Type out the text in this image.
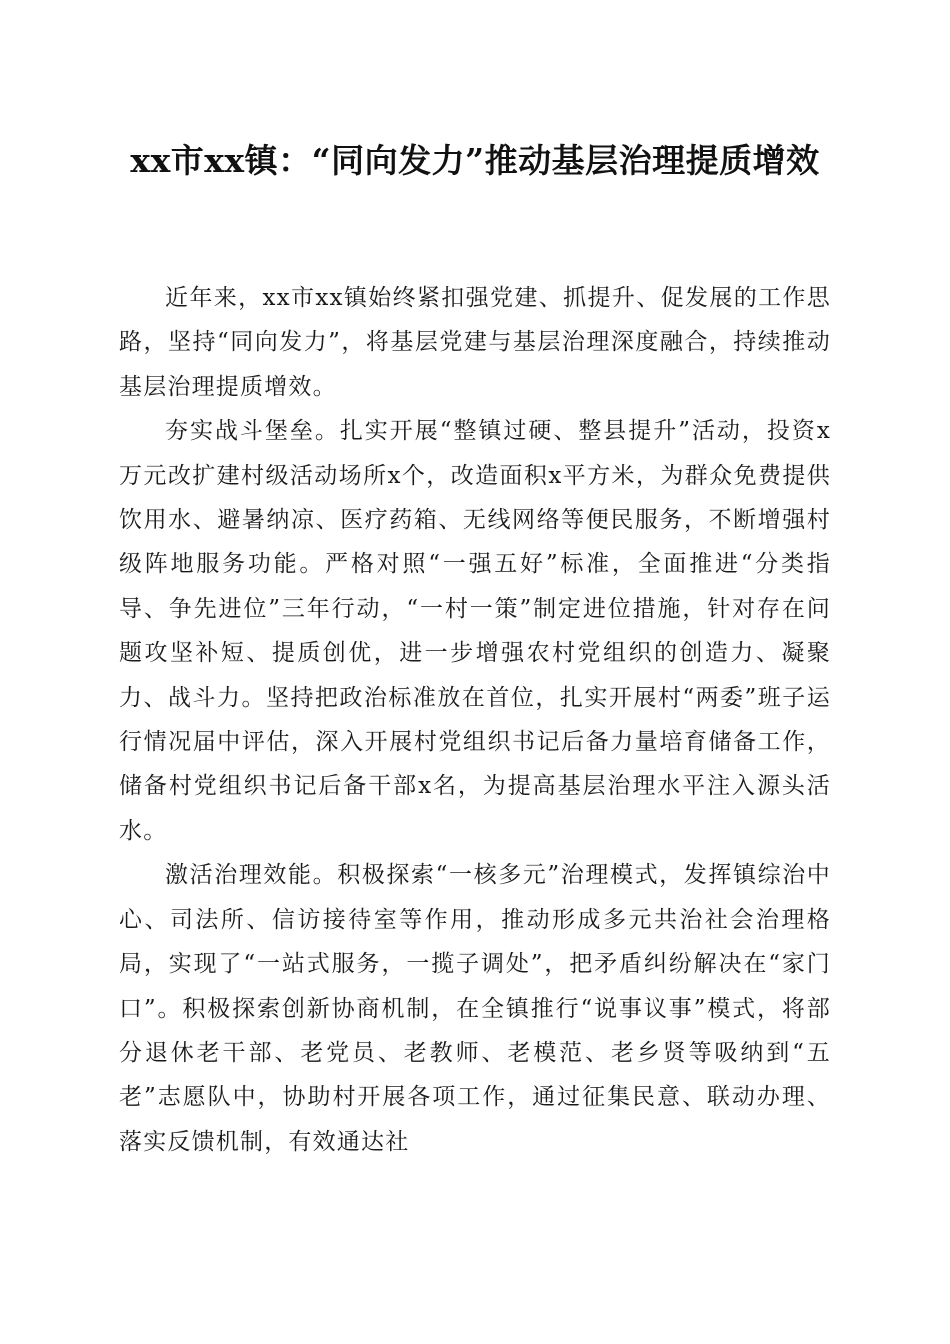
xx市xx镇：“同向发力”推动基层治理提质增效

近年来，xx市xx镇始终紧扣强党建、抓提升、促发展的工作思路，坚持“同向发力”，将基层党建与基层治理深度融合，持续推动基层治理提质增效。

夯实战斗堡垒。扎实开展“整镇过硬、整县提升”活动，投资x万元改扩建村级活动场所x个，改造面积x平方米，为群众免费提供饮用水、避暑纳凉、医疗药箱、无线网络等便民服务，不断增强村级阵地服务功能。严格对照“一强五好”标准，全面推进“分类指导、争先进位”三年行动，“一村一策”制定进位措施，针对存在问题攻坚补短、提质创优，进一步增强农村党组织的创造力、凝聚力、战斗力。坚持把政治标准放在首位，扎实开展村“两委”班子运行情况届中评估，深入开展村党组织书记后备力量培育储备工作，储备村党组织书记后备干部x名，为提高基层治理水平注入源头活水。

激活治理效能。积极探索“一核多元”治理模式，发挥镇综治中心、司法所、信访接待室等作用，推动形成多元共治社会治理格局，实现了“一站式服务，一揽子调处”，把矛盾纠纷解决在“家门口”。积极探索创新协商机制，在全镇推行“说事议事”模式，将部分退休老干部、老党员、老教师、老模范、老乡贤等吸纳到“五老”志愿队中，协助村开展各项工作，通过征集民意、联动办理、落实反馈机制，有效通达社
